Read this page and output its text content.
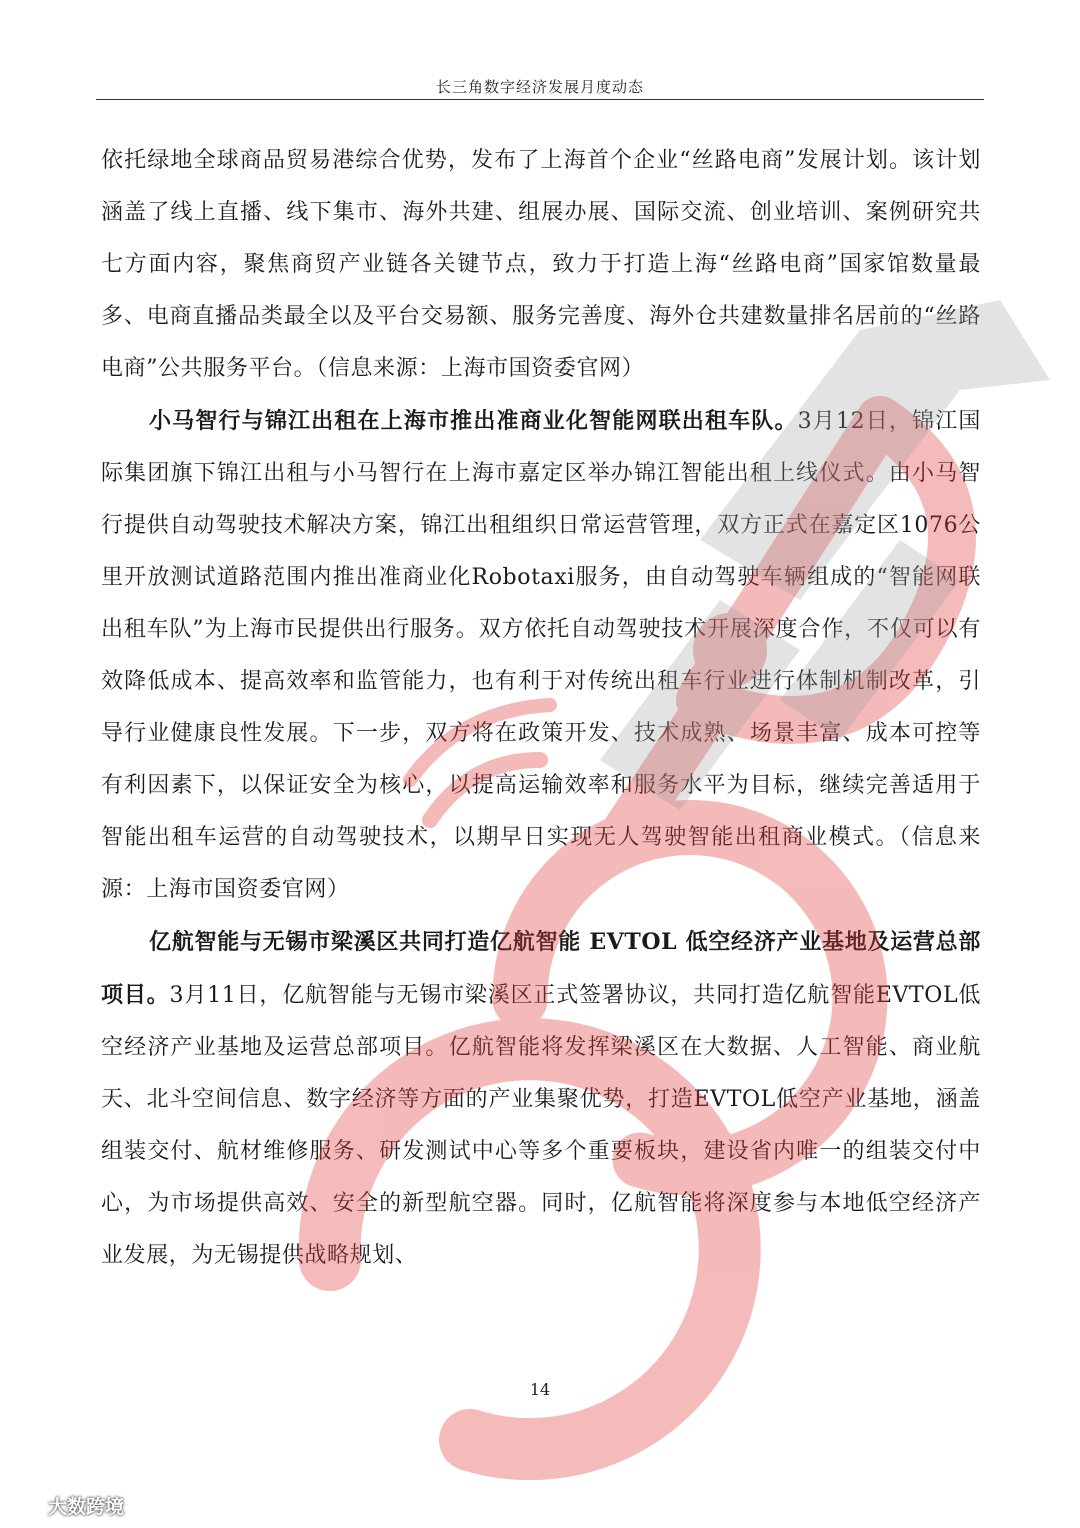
长三角数字经济发展月度动态

依托绿地全球商品贸易港综合优势，发布了上海首个企业“丝路电商”发展计划。该计划涵盖了线上直播、线下集市、海外共建、组展办展、国际交流、创业培训、案例研究共七方面内容，聚焦商贸产业链各关键节点，致力于打造上海“丝路电商”国家馆数量最多、电商直播品类最全以及平台交易额、服务完善度、海外仓共建数量排名居前的“丝路电商”公共服务平台。（信息来源：上海市国资委官网）

小马智行与锦江出租在上海市推出准商业化智能网联出租车队。3月12日，锦江国际集团旗下锦江出租与小马智行在上海市嘉定区举办锦江智能出租上线仪式。由小马智行提供自动驾驶技术解决方案，锦江出租组织日常运营管理，双方正式在嘉定区1076公里开放测试道路范围内推出准商业化Robotaxi服务，由自动驾驶车辆组成的“智能网联出租车队”为上海市民提供出行服务。双方依托自动驾驶技术开展深度合作，不仅可以有效降低成本、提高效率和监管能力，也有利于对传统出租车行业进行体制机制改革，引导行业健康良性发展。下一步，双方将在政策开发、技术成熟、场景丰富、成本可控等有利因素下，以保证安全为核心，以提高运输效率和服务水平为目标，继续完善适用于智能出租车运营的自动驾驶技术，以期早日实现无人驾驶智能出租商业模式。（信息来源：上海市国资委官网）

亿航智能与无锡市梁溪区共同打造亿航智能 EVTOL 低空经济产业基地及运营总部项目。3月11日，亿航智能与无锡市梁溪区正式签署协议，共同打造亿航智能EVTOL低空经济产业基地及运营总部项目。亿航智能将发挥梁溪区在大数据、人工智能、商业航天、北斗空间信息、数字经济等方面的产业集聚优势，打造EVTOL低空产业基地，涵盖组装交付、航材维修服务、研发测试中心等多个重要板块，建设省内唯一的组装交付中心，为市场提供高效、安全的新型航空器。同时，亿航智能将深度参与本地低空经济产业发展，为无锡提供战略规划、

14
大数跨境
